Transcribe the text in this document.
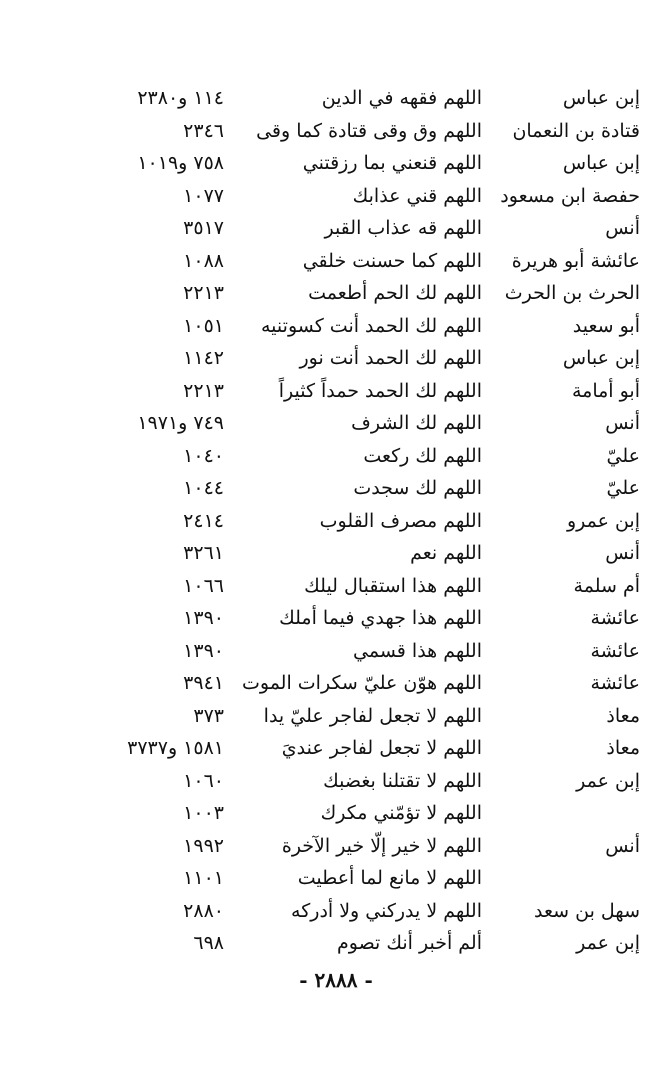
إبن عباس
اللهم فقهه في الدين
١١٤ و٢٣٨٠
قتادة بن النعمان
اللهم وق وقى قتادة كما وقى
٢٣٤٦
إبن عباس
اللهم قنعني بما رزقتني
٧٥٨ و١٠١٩
حفصة ابن مسعود
اللهم قني عذابك
١٠٧٧
أنس
اللهم قه عذاب القبر
٣٥١٧
عائشة أبو هريرة
اللهم كما حسنت خلقي
١٠٨٨
الحرث بن الحرث
اللهم لك الحم أطعمت
٢٢١٣
أبو سعيد
اللهم لك الحمد أنت كسوتنيه
١٠٥١
إبن عباس
اللهم لك الحمد أنت نور
١١٤٢
أبو أمامة
اللهم لك الحمد حمداً كثيراً
٢٢١٣
أنس
اللهم لك الشرف
٧٤٩ و١٩٧١
عليّ
اللهم لك ركعت
١٠٤٠
عليّ
اللهم لك سجدت
١٠٤٤
إبن عمرو
اللهم مصرف القلوب
٢٤١٤
أنس
اللهم نعم
٣٢٦١
أم سلمة
اللهم هذا استقبال ليلك
١٠٦٦
عائشة
اللهم هذا جهدي فيما أملك
١٣٩٠
عائشة
اللهم هذا قسمي
١٣٩٠
عائشة
اللهم هوّن عليّ سكرات الموت
٣٩٤١
معاذ
اللهم لا تجعل لفاجر عليّ يدا
٣٧٣
معاذ
اللهم لا تجعل لفاجر عنديَ
١٥٨١ و٣٧٣٧
إبن عمر
اللهم لا تقتلنا بغضبك
١٠٦٠
اللهم لا تؤمّني مكرك
١٠٠٣
أنس
اللهم لا خير إلّا خير الآخرة
١٩٩٢
اللهم لا مانع لما أعطيت
١١٠١
سهل بن سعد
اللهم لا يدركني ولا أدركه
٢٨٨٠
إبن عمر
ألم أخبر أنك تصوم
٦٩٨
- ٢٨٨٨ -
